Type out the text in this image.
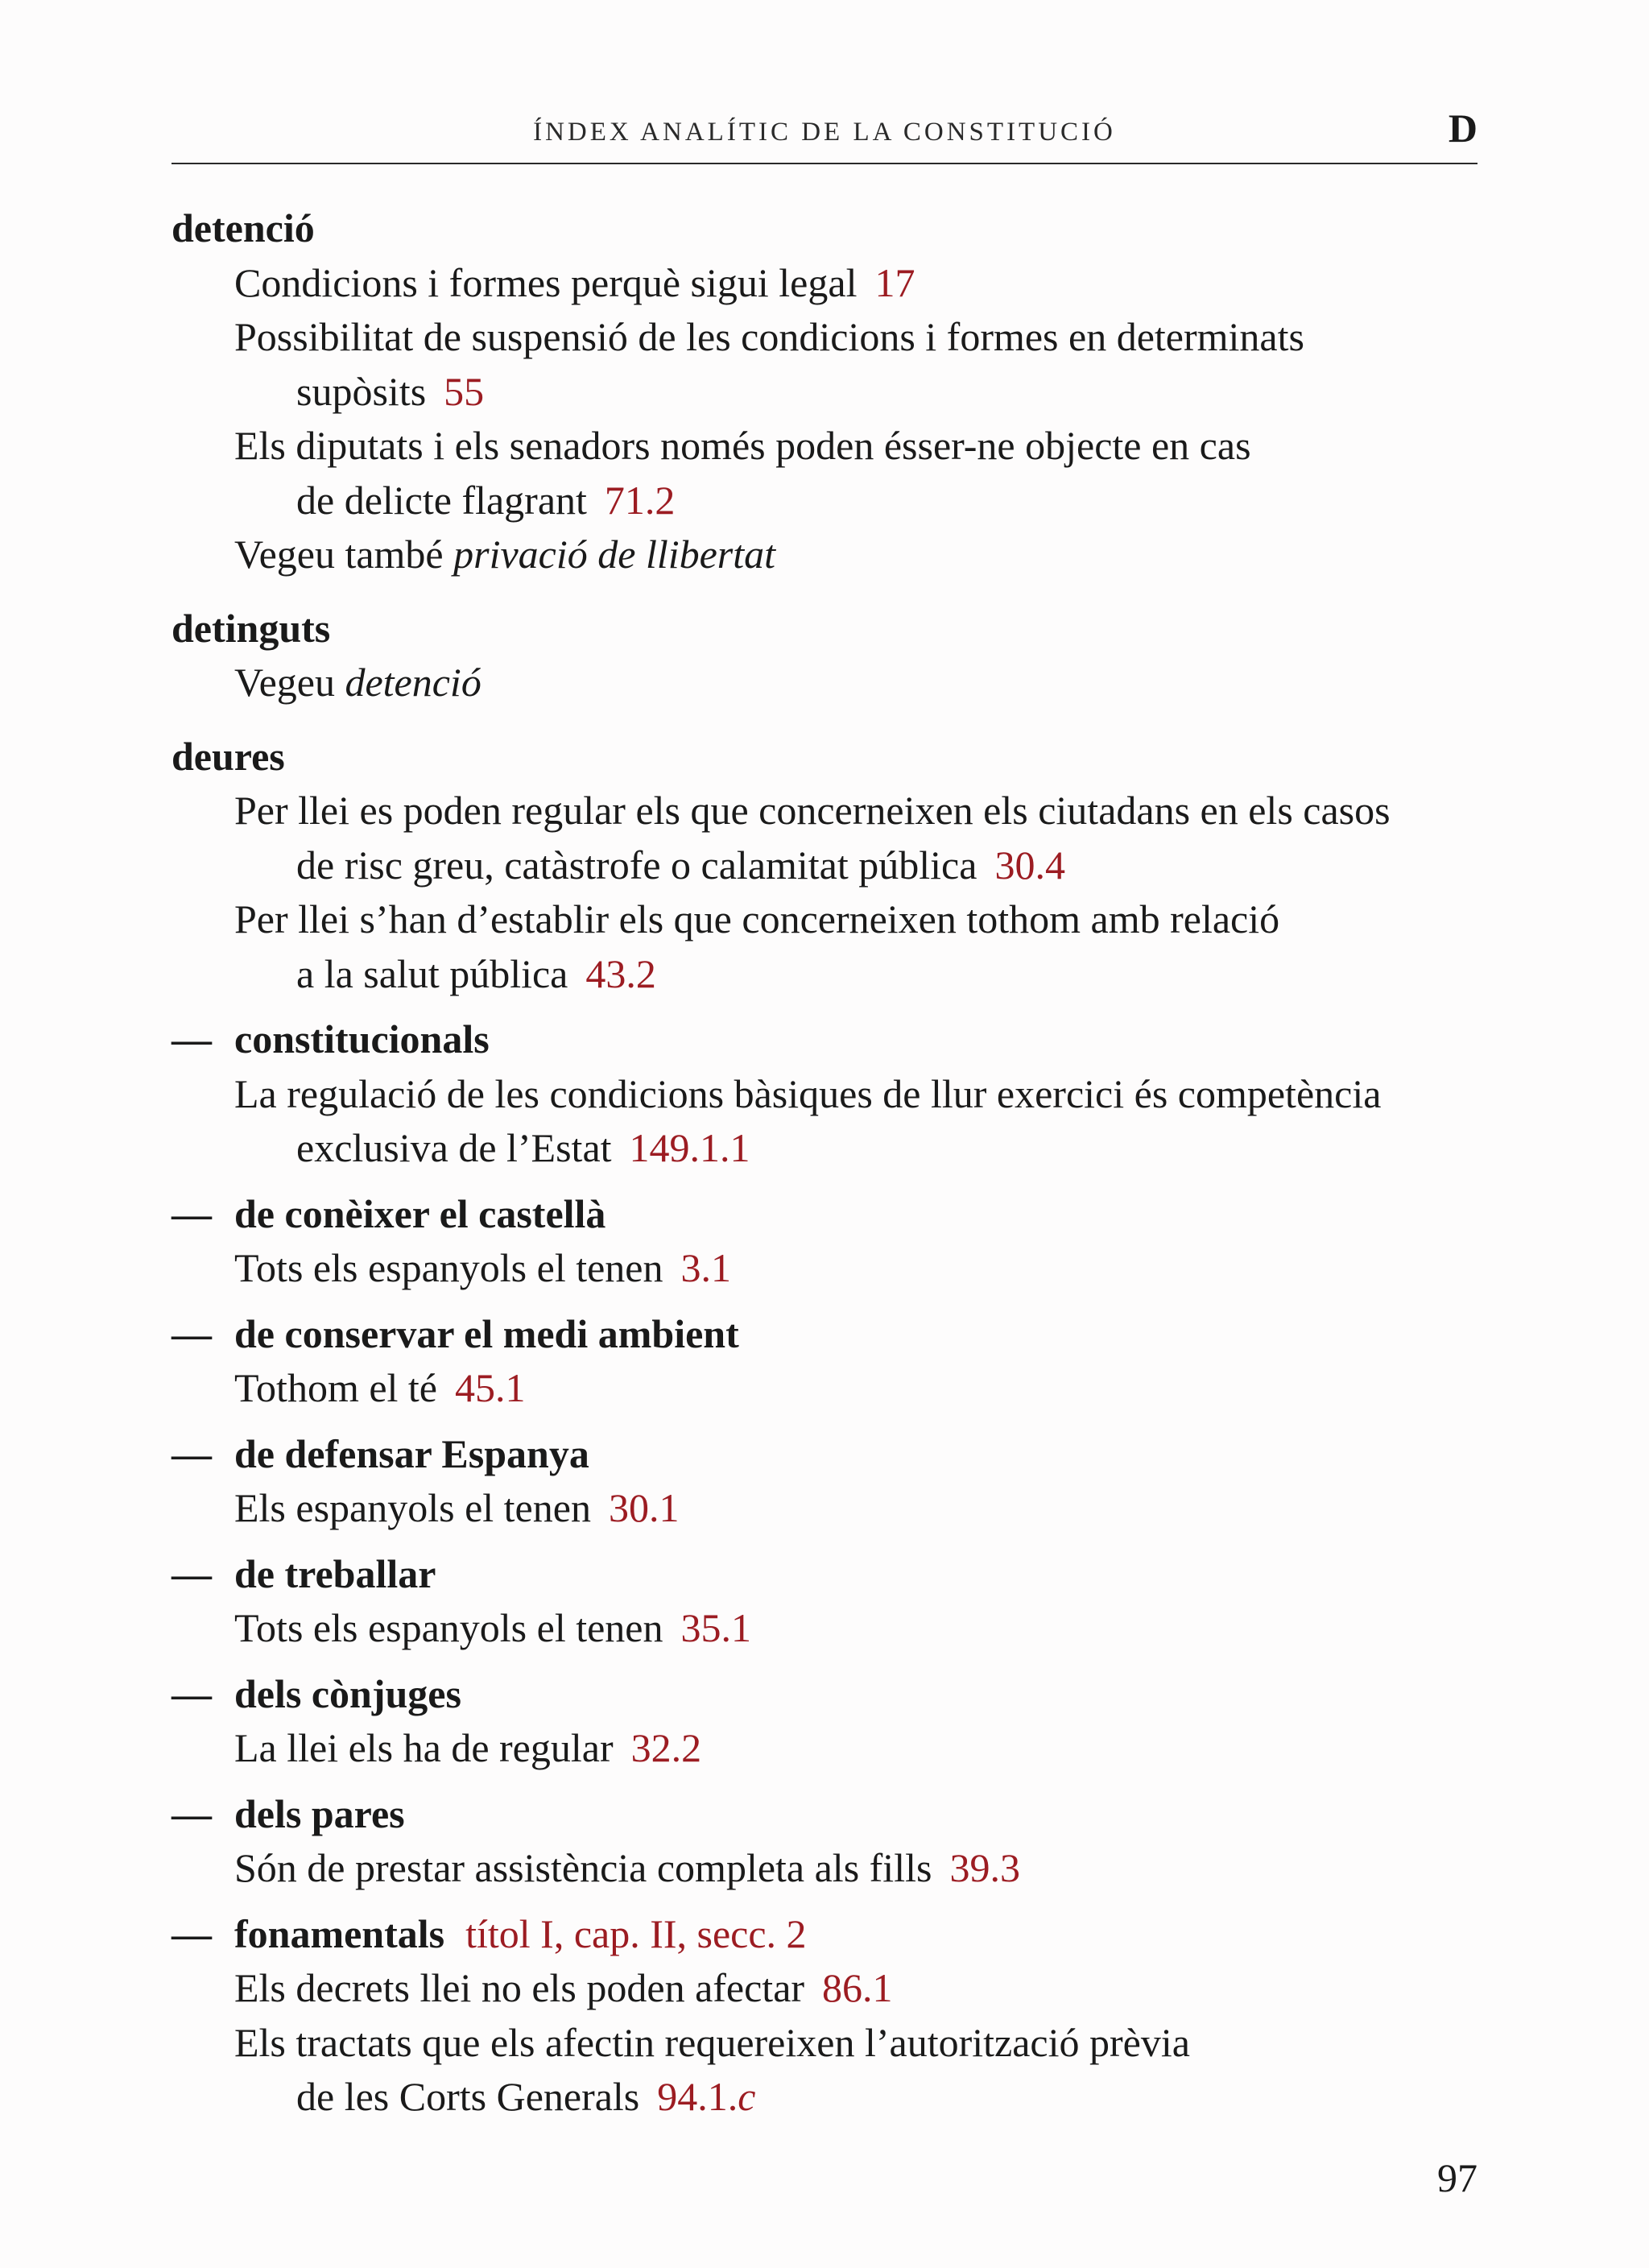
ÍNDEX ANALÍTIC DE LA CONSTITUCIÓ	D
detenció
Condicions i formes perquè sigui legal 17
Possibilitat de suspensió de les condicions i formes en determinats
supòsits 55
Els diputats i els senadors només poden ésser-ne objecte en cas
de delicte flagrant 71.2
Vegeu també privació de llibertat
detinguts
Vegeu detenció
deures
Per llei es poden regular els que concerneixen els ciutadans en els casos
de risc greu, catàstrofe o calamitat pública 30.4
Per llei s’han d’establir els que concerneixen tothom amb relació
a la salut pública 43.2
— constitucionals
La regulació de les condicions bàsiques de llur exercici és competència
exclusiva de l’Estat 149.1.1
— de conèixer el castellà
Tots els espanyols el tenen 3.1
— de conservar el medi ambient
Tothom el té 45.1
— de defensar Espanya
Els espanyols el tenen 30.1
— de treballar
Tots els espanyols el tenen 35.1
— dels cònjuges
La llei els ha de regular 32.2
— dels pares
Són de prestar assistència completa als fills 39.3
— fonamentals títol I, cap. II, secc. 2
Els decrets llei no els poden afectar 86.1
Els tractats que els afectin requereixen l’autorització prèvia
de les Corts Generals 94.1.c
97
